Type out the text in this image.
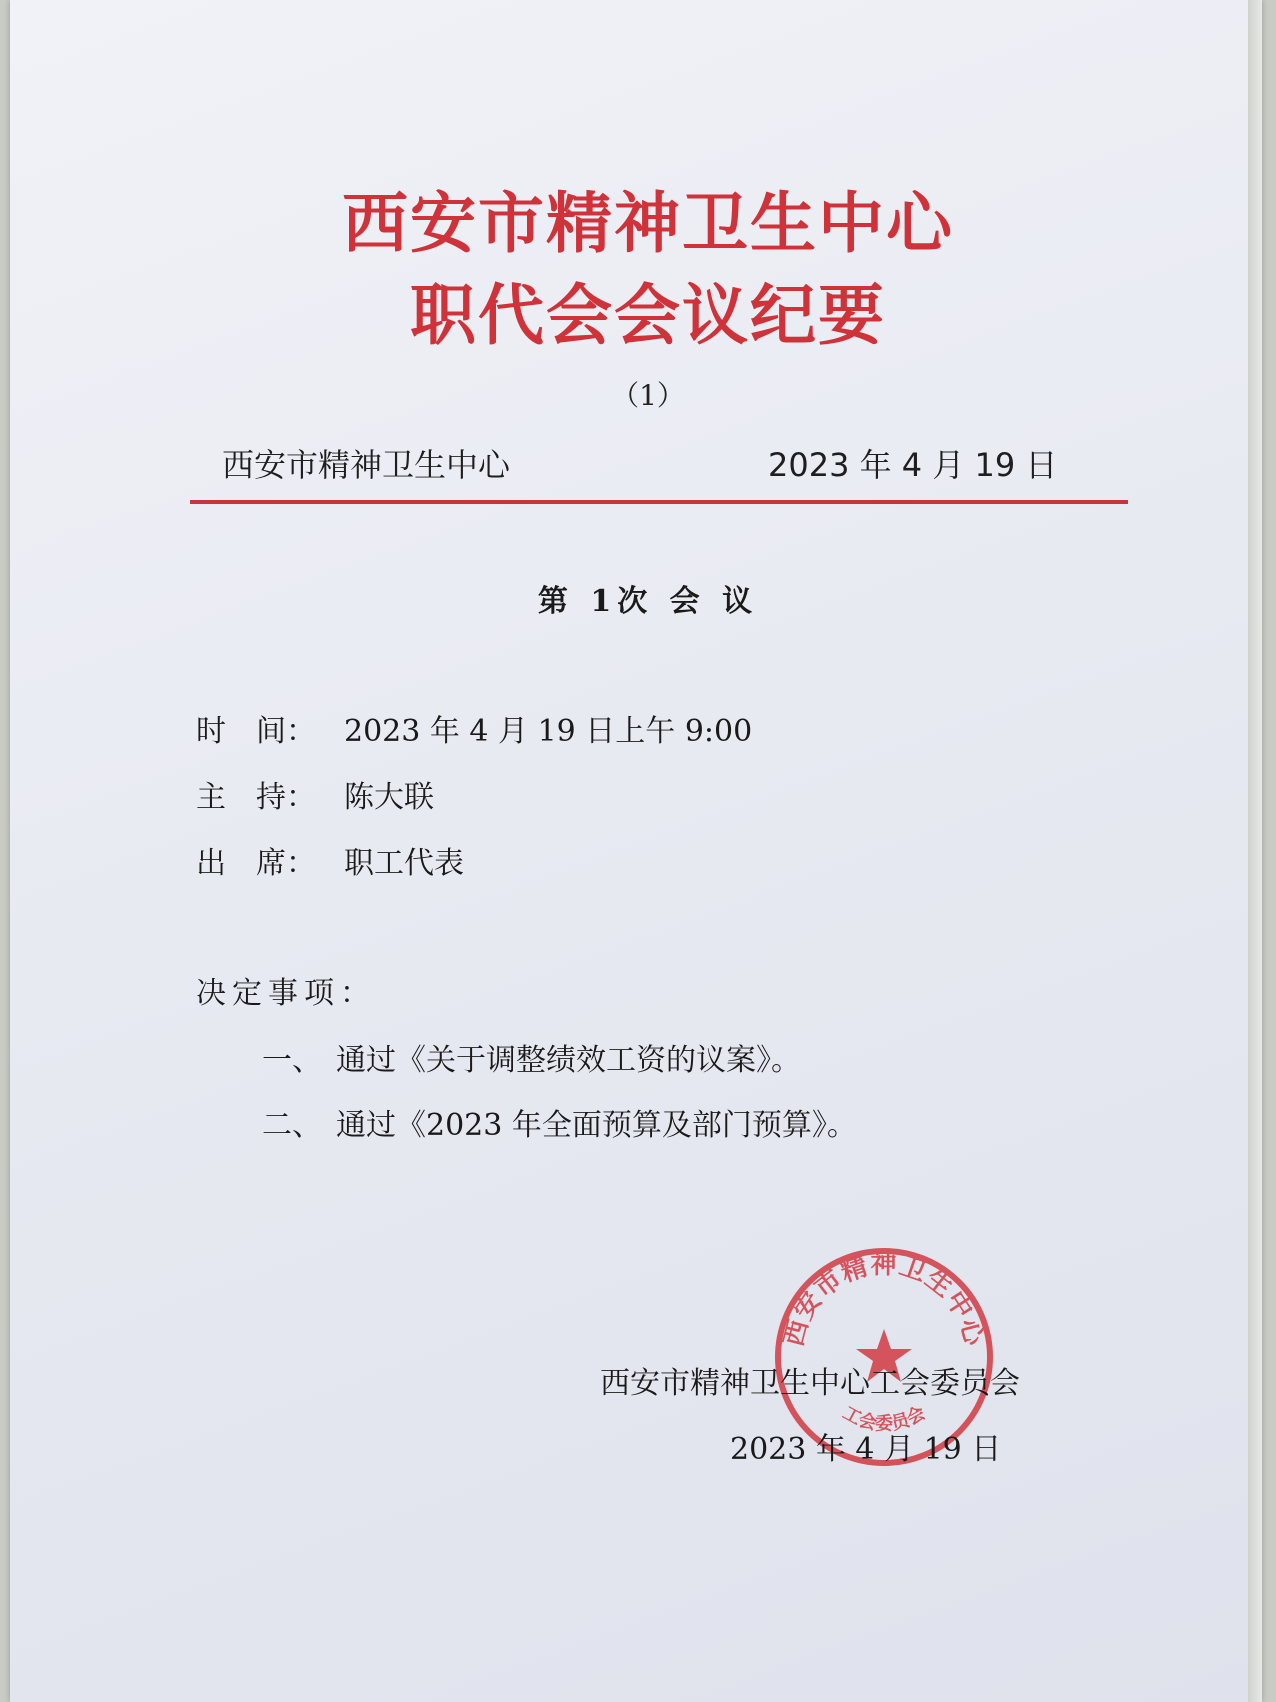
西安市精神卫生中心
职代会会议纪要
（1）
西安市精神卫生中心	2023 年 4 月 19 日
第 1次 会 议
时　间： 2023 年 4 月 19 日上午 9:00
主　持： 陈大联
出　席： 职工代表
决定事项：
一、 通过《关于调整绩效工资的议案》。
二、 通过《2023 年全面预算及部门预算》。
西安市精神卫生中心
工会委员会
西安市精神卫生中心工会委员会
2023 年 4 月 19 日
